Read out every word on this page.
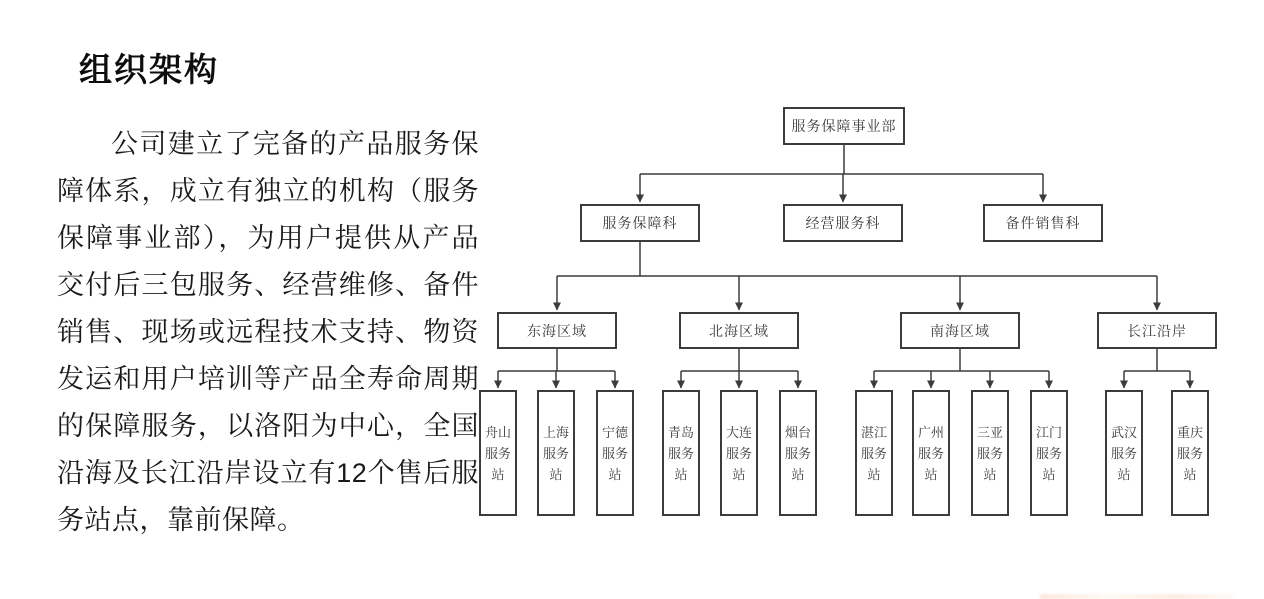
组织架构

公司建立了完备的产品服务保障体系，成立有独立的机构（服务保障事业部），为用户提供从产品交付后三包服务、经营维修、备件销售、现场或远程技术支持、物资发运和用户培训等产品全寿命周期的保障服务，以洛阳为中心，全国沿海及长江沿岸设立有12个售后服务站点，靠前保障。

服务保障事业部
服务保障科	经营服务科	备件销售科
东海区域	北海区域	南海区域	长江沿岸
舟山服务站
上海服务站
宁德服务站
青岛服务站
大连服务站
烟台服务站
湛江服务站
广州服务站
三亚服务站
江门服务站
武汉服务站
重庆服务站
